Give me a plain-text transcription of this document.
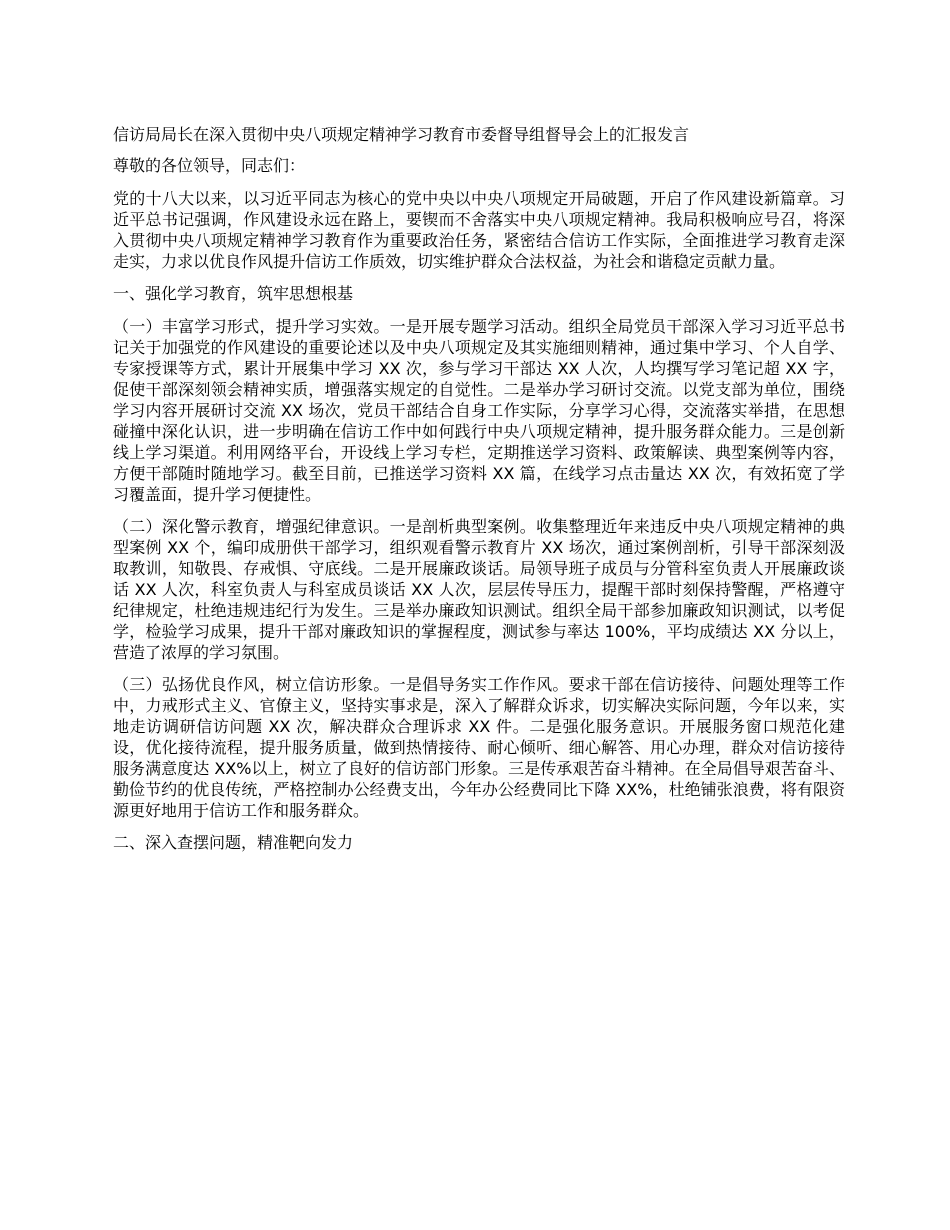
信访局局长在深入贯彻中央八项规定精神学习教育市委督导组督导会上的汇报发言

尊敬的各位领导，同志们：

党的十八大以来，以习近平同志为核心的党中央以中央八项规定开局破题，开启了作风建设新篇章。习近平总书记强调，作风建设永远在路上，要锲而不舍落实中央八项规定精神。我局积极响应号召，将深入贯彻中央八项规定精神学习教育作为重要政治任务，紧密结合信访工作实际，全面推进学习教育走深走实，力求以优良作风提升信访工作质效，切实维护群众合法权益，为社会和谐稳定贡献力量。

一、强化学习教育，筑牢思想根基

（一）丰富学习形式，提升学习实效。一是开展专题学习活动。组织全局党员干部深入学习习近平总书记关于加强党的作风建设的重要论述以及中央八项规定及其实施细则精神，通过集中学习、个人自学、专家授课等方式，累计开展集中学习 XX 次，参与学习干部达 XX 人次，人均撰写学习笔记超 XX 字，促使干部深刻领会精神实质，增强落实规定的自觉性。二是举办学习研讨交流。以党支部为单位，围绕学习内容开展研讨交流 XX 场次，党员干部结合自身工作实际，分享学习心得，交流落实举措，在思想碰撞中深化认识，进一步明确在信访工作中如何践行中央八项规定精神，提升服务群众能力。三是创新线上学习渠道。利用网络平台，开设线上学习专栏，定期推送学习资料、政策解读、典型案例等内容，方便干部随时随地学习。截至目前，已推送学习资料 XX 篇，在线学习点击量达 XX 次，有效拓宽了学习覆盖面，提升学习便捷性。

（二）深化警示教育，增强纪律意识。一是剖析典型案例。收集整理近年来违反中央八项规定精神的典型案例 XX 个，编印成册供干部学习，组织观看警示教育片 XX 场次，通过案例剖析，引导干部深刻汲取教训，知敬畏、存戒惧、守底线。二是开展廉政谈话。局领导班子成员与分管科室负责人开展廉政谈话 XX 人次，科室负责人与科室成员谈话 XX 人次，层层传导压力，提醒干部时刻保持警醒，严格遵守纪律规定，杜绝违规违纪行为发生。三是举办廉政知识测试。组织全局干部参加廉政知识测试，以考促学，检验学习成果，提升干部对廉政知识的掌握程度，测试参与率达 100%，平均成绩达 XX 分以上，营造了浓厚的学习氛围。

（三）弘扬优良作风，树立信访形象。一是倡导务实工作作风。要求干部在信访接待、问题处理等工作中，力戒形式主义、官僚主义，坚持实事求是，深入了解群众诉求，切实解决实际问题，今年以来，实地走访调研信访问题 XX 次，解决群众合理诉求 XX 件。二是强化服务意识。开展服务窗口规范化建设，优化接待流程，提升服务质量，做到热情接待、耐心倾听、细心解答、用心办理，群众对信访接待服务满意度达 XX%以上，树立了良好的信访部门形象。三是传承艰苦奋斗精神。在全局倡导艰苦奋斗、勤俭节约的优良传统，严格控制办公经费支出，今年办公经费同比下降 XX%，杜绝铺张浪费，将有限资源更好地用于信访工作和服务群众。

二、深入查摆问题，精准靶向发力
